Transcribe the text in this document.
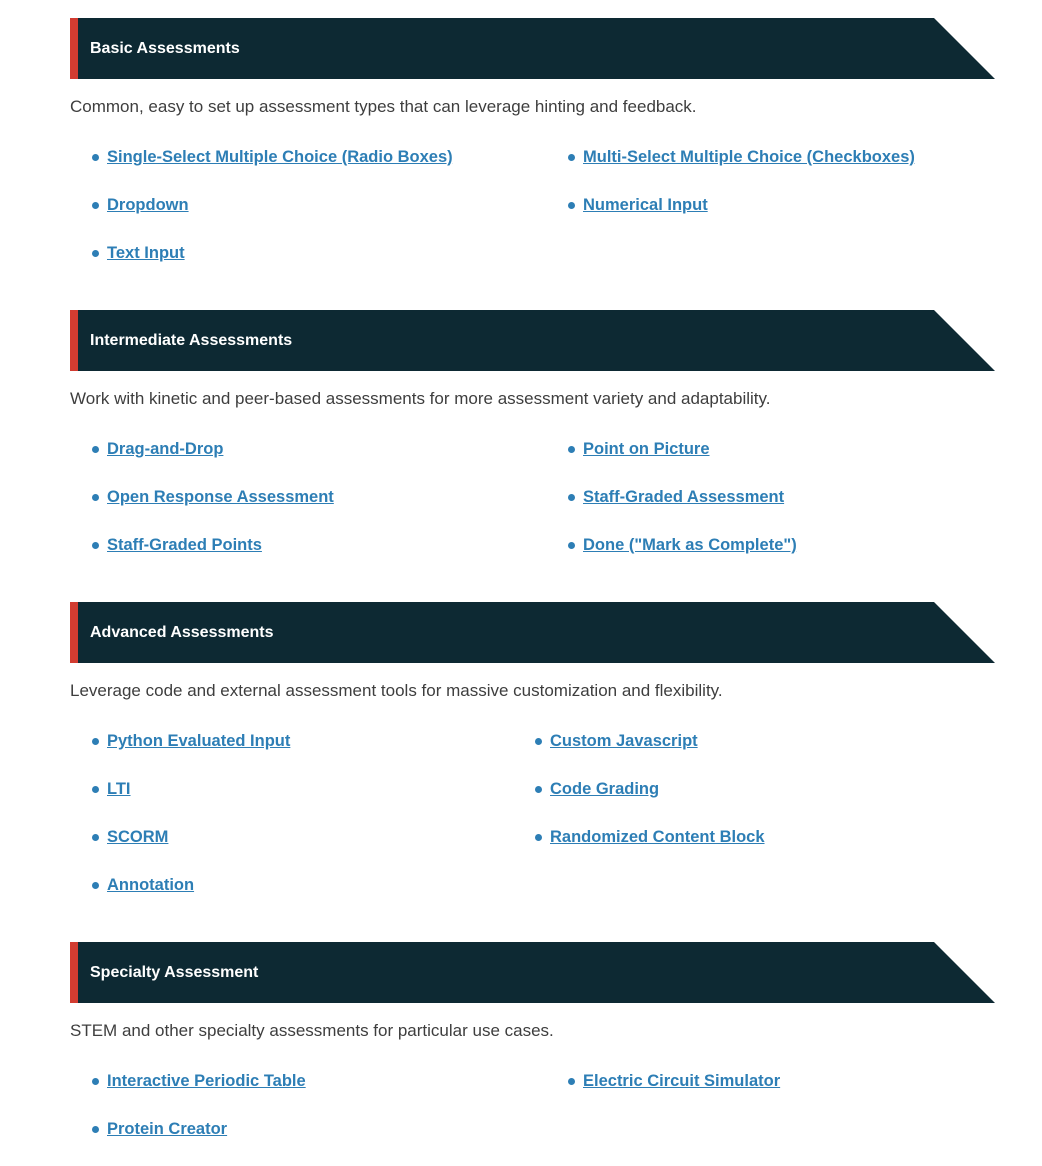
Basic Assessments

Common, easy to set up assessment types that can leverage hinting and feedback.

Single-Select Multiple Choice (Radio Boxes)
Dropdown
Text Input
Multi-Select Multiple Choice (Checkboxes)
Numerical Input
Intermediate Assessments

Work with kinetic and peer-based assessments for more assessment variety and adaptability.

Drag-and-Drop
Open Response Assessment
Staff-Graded Points
Point on Picture
Staff-Graded Assessment
Done ("Mark as Complete")
Advanced Assessments

Leverage code and external assessment tools for massive customization and flexibility.

Python Evaluated Input
LTI
SCORM
Annotation
Custom Javascript
Code Grading
Randomized Content Block
Specialty Assessment

STEM and other specialty assessments for particular use cases.

Interactive Periodic Table
Protein Creator
Electric Circuit Simulator
